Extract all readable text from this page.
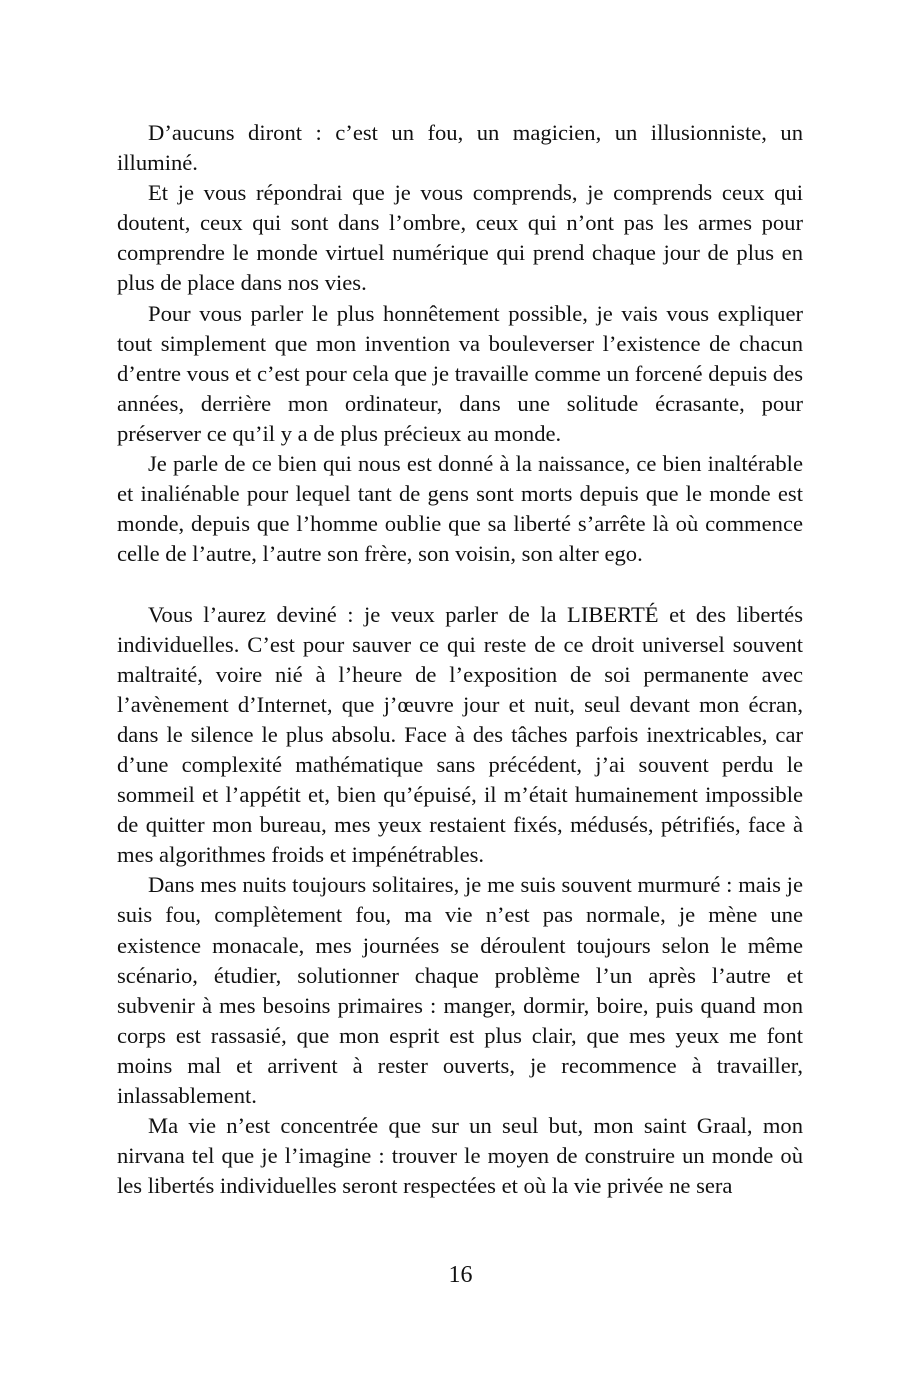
D’aucuns diront : c’est un fou, un magicien, un illusionniste, un illuminé.

Et je vous répondrai que je vous comprends, je comprends ceux qui doutent, ceux qui sont dans l’ombre, ceux qui n’ont pas les armes pour comprendre le monde virtuel numérique qui prend chaque jour de plus en plus de place dans nos vies.

Pour vous parler le plus honnêtement possible, je vais vous expliquer tout simplement que mon invention va bouleverser l’existence de chacun d’entre vous et c’est pour cela que je travaille comme un forcené depuis des années, derrière mon ordinateur, dans une solitude écrasante, pour préserver ce qu’il y a de plus précieux au monde.

Je parle de ce bien qui nous est donné à la naissance, ce bien inaltérable et inaliénable pour lequel tant de gens sont morts depuis que le monde est monde, depuis que l’homme oublie que sa liberté s’arrête là où commence celle de l’autre, l’autre son frère, son voisin, son alter ego.

Vous l’aurez deviné : je veux parler de la LIBERTÉ et des libertés individuelles. C’est pour sauver ce qui reste de ce droit universel souvent maltraité, voire nié à l’heure de l’exposition de soi permanente avec l’avènement d’Internet, que j’œuvre jour et nuit, seul devant mon écran, dans le silence le plus absolu. Face à des tâches parfois inextricables, car d’une complexité mathématique sans précédent, j’ai souvent perdu le sommeil et l’appétit et, bien qu’épuisé, il m’était humainement impossible de quitter mon bureau, mes yeux restaient fixés, médusés, pétrifiés, face à mes algorithmes froids et impénétrables.

Dans mes nuits toujours solitaires, je me suis souvent murmuré : mais je suis fou, complètement fou, ma vie n’est pas normale, je mène une existence monacale, mes journées se déroulent toujours selon le même scénario, étudier, solutionner chaque problème l’un après l’autre et subvenir à mes besoins primaires : manger, dormir, boire, puis quand mon corps est rassasié, que mon esprit est plus clair, que mes yeux me font moins mal et arrivent à rester ouverts, je recommence à travailler, inlassablement.

Ma vie n’est concentrée que sur un seul but, mon saint Graal, mon nirvana tel que je l’imagine : trouver le moyen de construire un monde où les libertés individuelles seront respectées et où la vie privée ne sera

16
